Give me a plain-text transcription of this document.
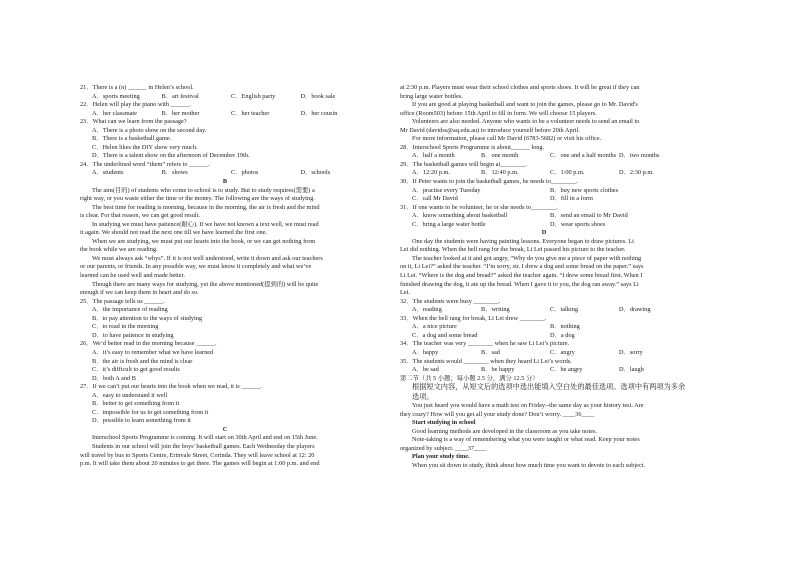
21．There is a (n) ______ in Helen’s school.
A．sports meeting	B．art festival	C．English party	D．book sale
22．Helen will play the piano with ______.
A．her classmate	B．her mother	C．her teacher	D．her cousin
23．What can we learn from the passage?
A．There is a photo show on the second day.
B．There is a basketball game.
C．Helen likes the DIY show very much.
D．There is a talent show on the afternoon of December 19th.
24．The underlined word “them” refers to ______.
A．students	B．shows	C．photos	D．schools
B
The aim(目的) of students who come to school is to study. But to study requires(需要) a
right way, or you waste either the time or the money. The following are the ways of studying.
The best time for reading is morning, because in the morning, the air is fresh and the mind
is clear. For that reason, we can get good result.
In studying we must have patience(耐心). If we have not known a text well, we must read
it again. We should not read the next one till we have learned the first one.
When we are studying, we must put our hearts into the book, or we can get nothing from
the book while we are reading.
We must always ask “whys”. If it is not well understood, write it down and ask our teachers
or our parents, or friends. In any possible way, we must know it completely and what we’ve
learned can be used well and made better.
Though there are many ways for studying, yet the above mentioned(提到的) will be quite
enough if we can keep them in heart and do so.
25．The passage tells us ______.
A．the importance of reading
B．to pay attention to the ways of studying
C．to read in the morning
D．to have patience in studying
26．We’d better read in the morning because ______.
A．it’s easy to remember what we have learned
B．the air is fresh and the mind is clear
C．it’s difficult to get good results
D．both A and B
27．If we can’t put our hearts into the book when we read, it is ______.
A．easy to understand it well
B．better to get something from it
C．impossible for us to get something from it
D．possible to learn something from it
C
Interschool Sports Programme is coming. It will start on 30th April and end on 15th June.
Students in our school will join the boys' basketball games. Each Wednesday the players
will travel by bus to Sports Centre, Erinvale Street, Corinda. They will leave school at 12: 20
p.m. It will take them about 20 minutes to get there. The games will begin at 1:00 p.m. and end
at 2:30 p.m. Players must wear their school clothes and sports shoes. It will be great if they can
bring large water bottles.
If you are good at playing basketball and want to join the games, please go to Mr. David's
office (Room503) before 15th April to fill in form. We will choose 15 players.
Volunteers are also needed. Anyone who wants to be a volunteer needs to send an email to
Mr David (davidss@aq.edu.au) to introduce yourself before 20th April.
For more information, please call Mr David (6783-5682) or visit his office.
28．Interschool Sports Programme is about______ long.
A．half a month	B．one month	C．one and a half months D．two months
29．The basketball games will begin at________.
A．12:20 p.m.	B．12:40 p.m.	C．1:00 p.m.	D．2:30 p.m.
30．If Peter wants to join the basketball games, he needs to________.
A．practise every Tuesday	B．buy new sports clothes
C．call Mr David	D．fill in a form
31．If one wants to be volunteer, he or she needs to________.
A．know something about basketball	B．send an email to Mr David
C．bring a large water bottle	D．wear sports shoes
D
One day the students were having painting lessons. Everyone began to draw pictures. Li
Lei did nothing. When the bell rang for the break, Li Lei passed his picture to the teacher.
The teacher looked at it and got angry, “Why do you give me a piece of paper with nothing
on it, Li Lei?” asked the teacher. “I’m sorry, sir. I drew a dog and some bread on the paper.” says
Li Lei. “Where is the dog and bread?” asked the teacher again. “I drew some bread first. When I
finished drawing the dog, it ate up the bread. When I gave it to you, the dog ran away.” says Li
Lei.
32．The students were busy ________.
A．reading	B．writing	C．talking	D．drawing
33．When the bell rang for break, Li Lei drew ________.
A．a nice picture	B．nothing
C．a dog and some bread	D．a dog
34．The teacher was very ________ when he saw Li Lei’s picture.
A．happy	B．sad	C．angry	D．sorry
35．The students would ________ when they heard Li Lei’s words.
A．be sad	B．be happy	C．be angry	D．laugh
第二节（共 5 小题；每小题 2.5 分，满分 12.5 分）
根据短文内容，从短文后的选项中选出能填入空白处的最佳选项。选项中有两项为多余选项。
You just heard you would have a math test on Friday--the same day as your history test. Are
they crazy? How will you get all your study done? Don’t worry. ____36____
Start studying in school
Good learning methods are developed in the classroom as you take notes.
Note-taking is a way of remembering what you were taught or what read. Keep your notes
organized by subject. ____37____
Plan your study time.
When you sit down to study, think about how much time you want to devote to each subject.
